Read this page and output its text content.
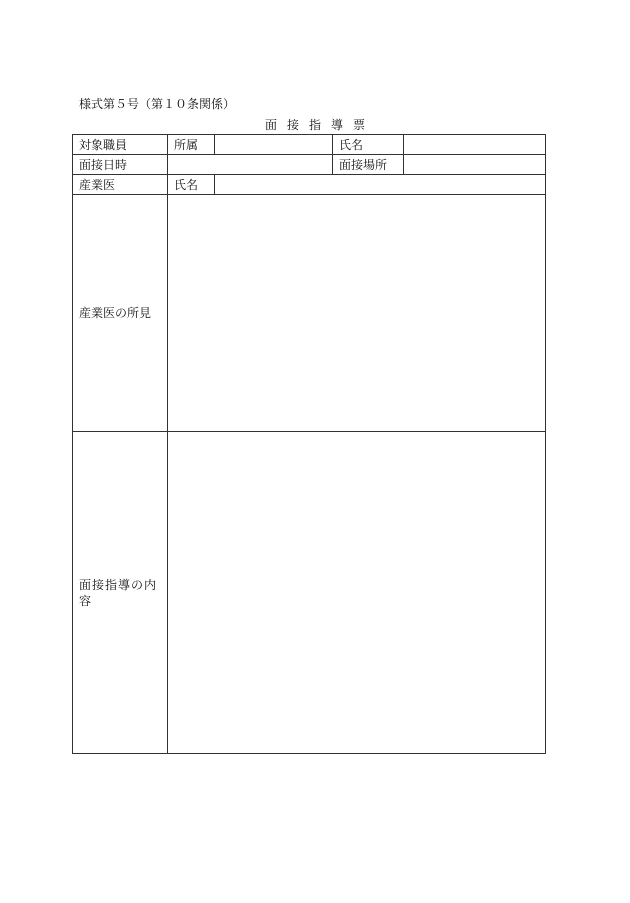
様式第５号（第１０条関係）
面接指導票
対象職員	所属		氏名	
面接日時			面接場所	
産業医	氏名			
産業医の所見				
面接指導の内容				
